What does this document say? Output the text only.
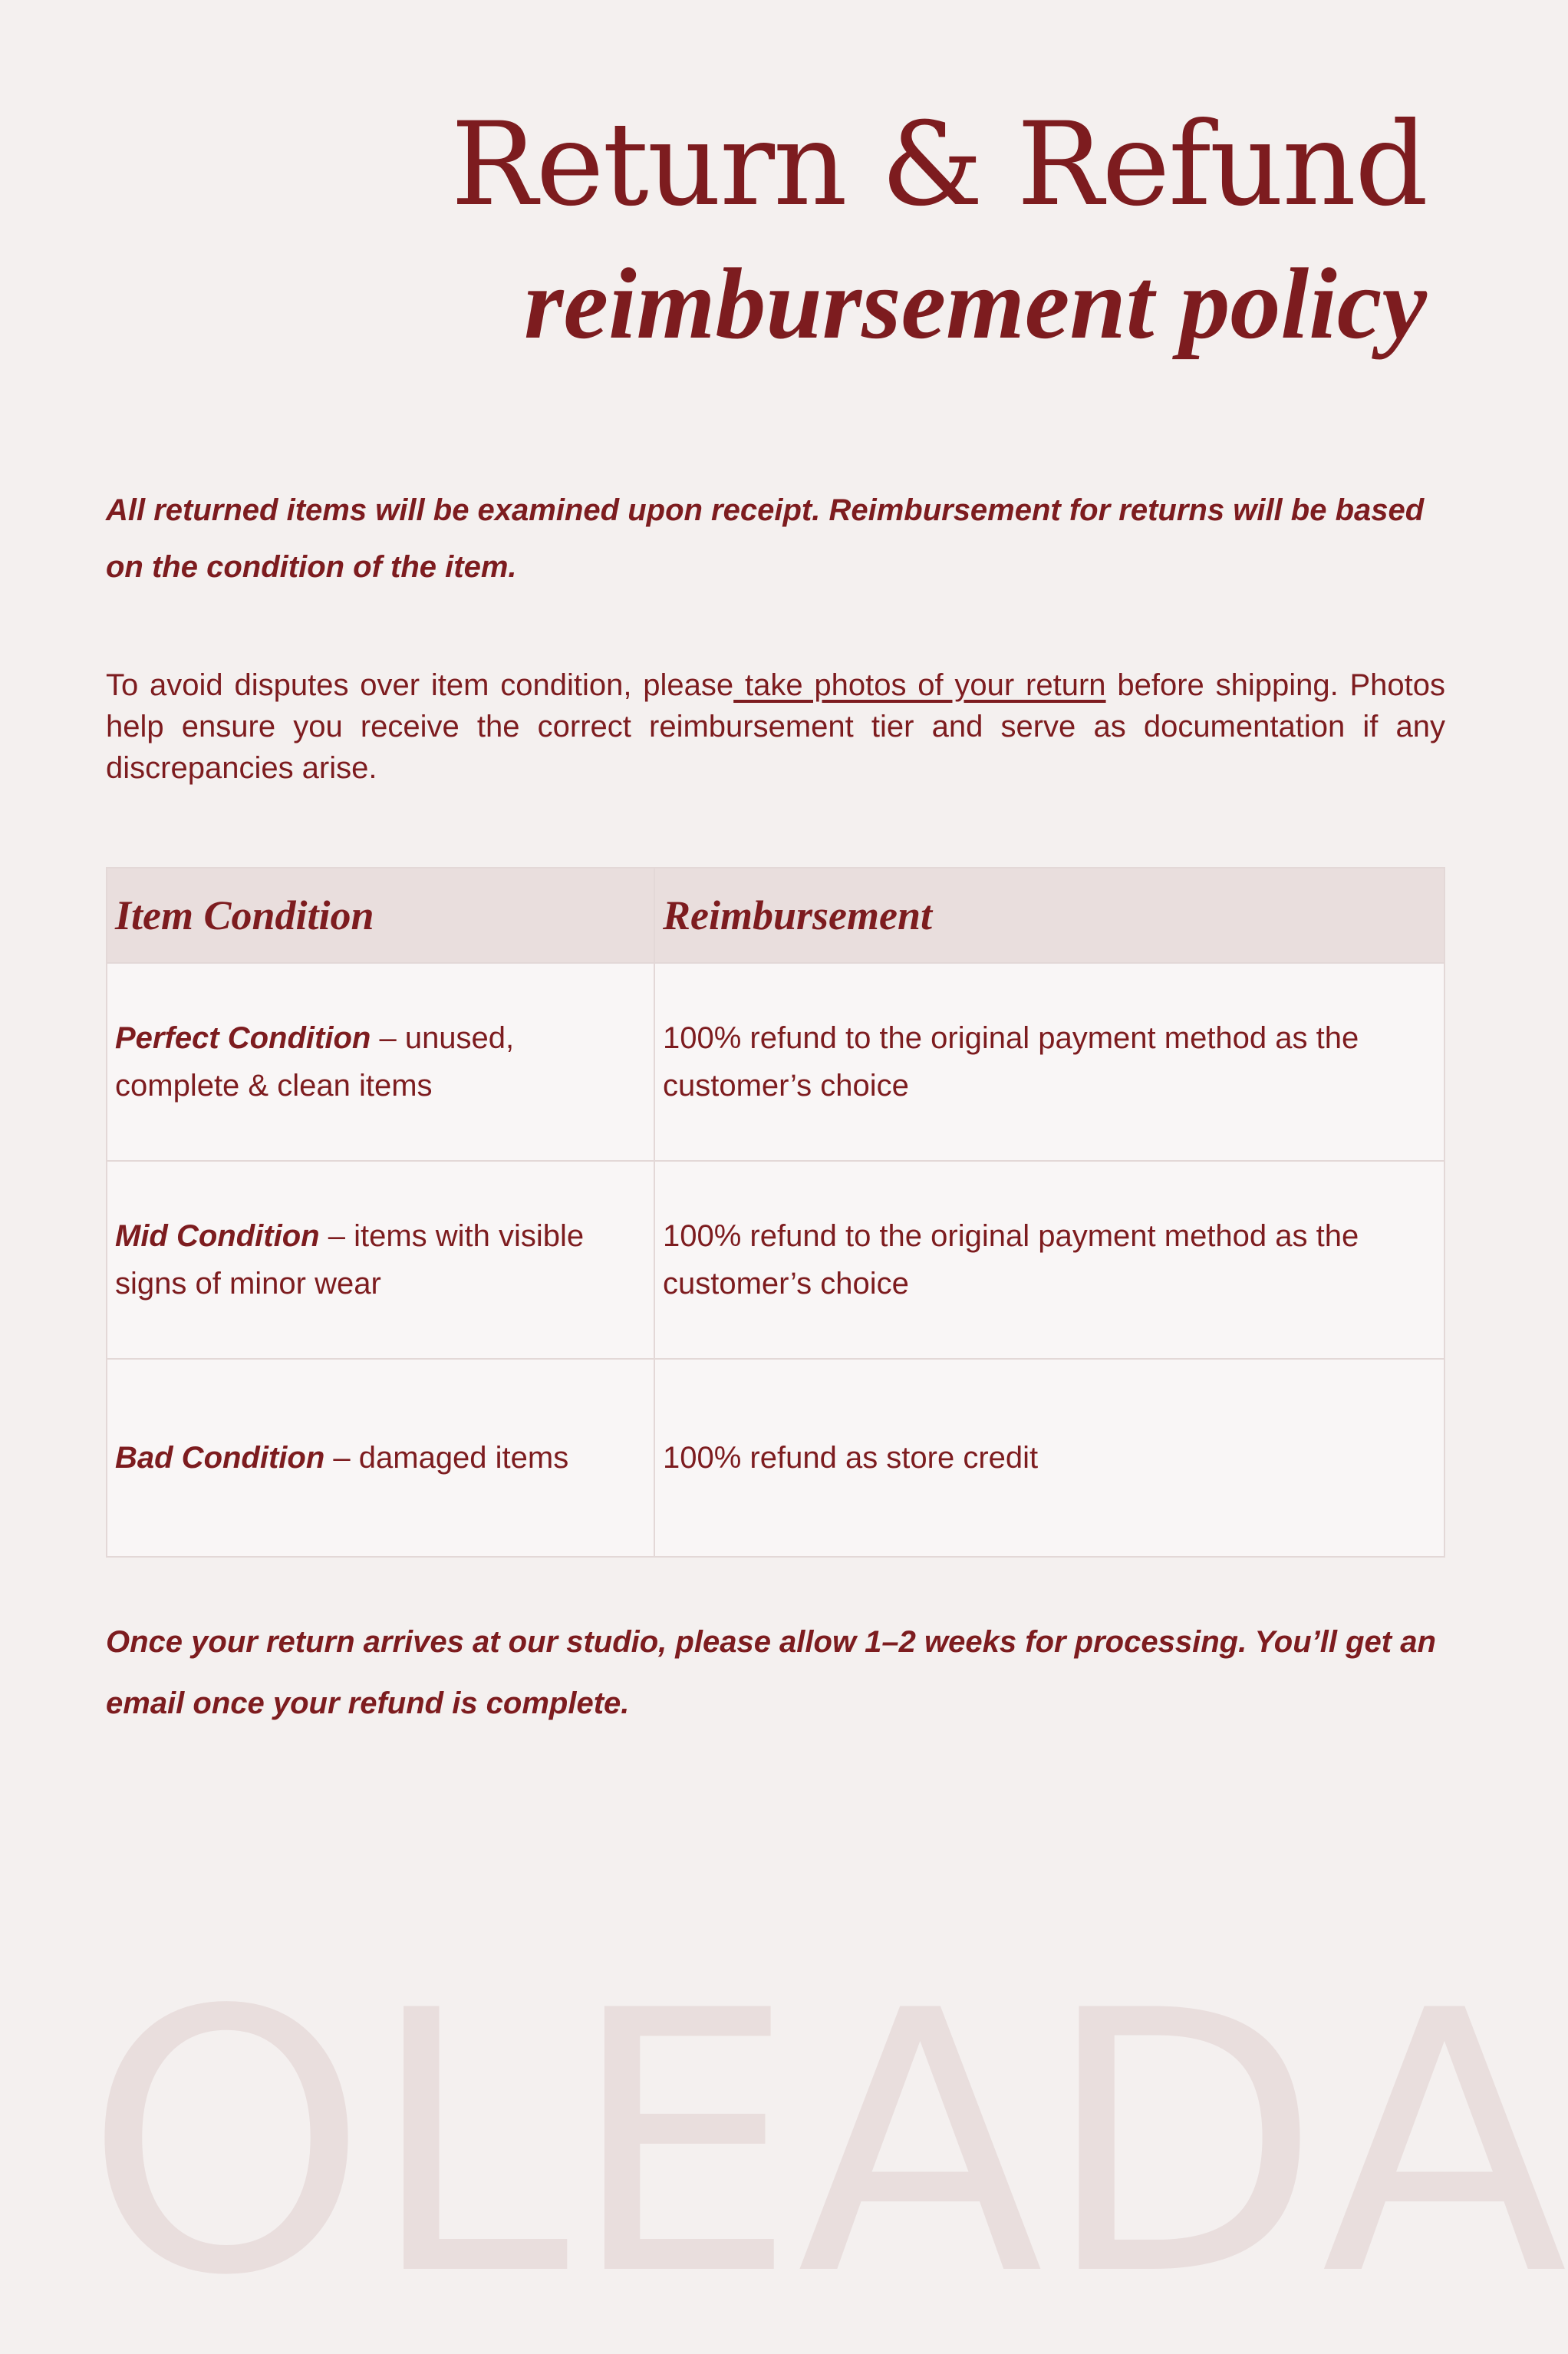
Return & Refund
reimbursement policy
All returned items will be examined upon receipt. Reimbursement for returns will be based on the condition of the item.
To avoid disputes over item condition, please take photos of your return before shipping. Photos help ensure you receive the correct reimbursement tier and serve as documentation if any discrepancies arise.
Item Condition	Reimbursement
Perfect Condition – unused, complete & clean items	100% refund to the original payment method as the customer’s choice
Mid Condition – items with visible signs of minor wear	100% refund to the original payment method as the customer’s choice
Bad Condition – damaged items	100% refund as store credit
Once your return arrives at our studio, please allow 1–2 weeks for processing. You’ll get an email once your refund is complete.
O L E A D A
